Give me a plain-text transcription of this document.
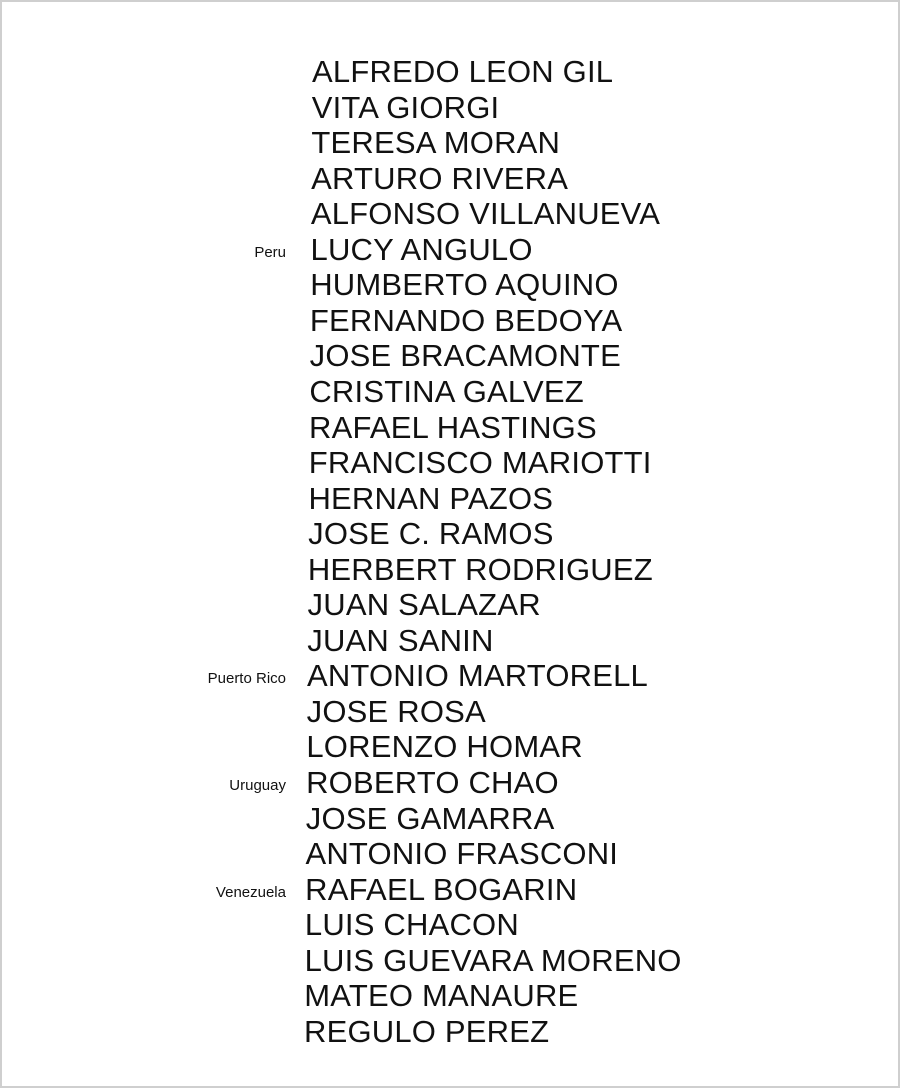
ALFREDO LEON GIL
VITA GIORGI
TERESA MORAN
ARTURO RIVERA
ALFONSO VILLANUEVA
Peru LUCY ANGULO
HUMBERTO AQUINO
FERNANDO BEDOYA
JOSE BRACAMONTE
CRISTINA GALVEZ
RAFAEL HASTINGS
FRANCISCO MARIOTTI
HERNAN PAZOS
JOSE C. RAMOS
HERBERT RODRIGUEZ
JUAN SALAZAR
JUAN SANIN
Puerto Rico ANTONIO MARTORELL
JOSE ROSA
LORENZO HOMAR
Uruguay ROBERTO CHAO
JOSE GAMARRA
ANTONIO FRASCONI
Venezuela RAFAEL BOGARIN
LUIS CHACON
LUIS GUEVARA MORENO
MATEO MANAURE
REGULO PEREZ
